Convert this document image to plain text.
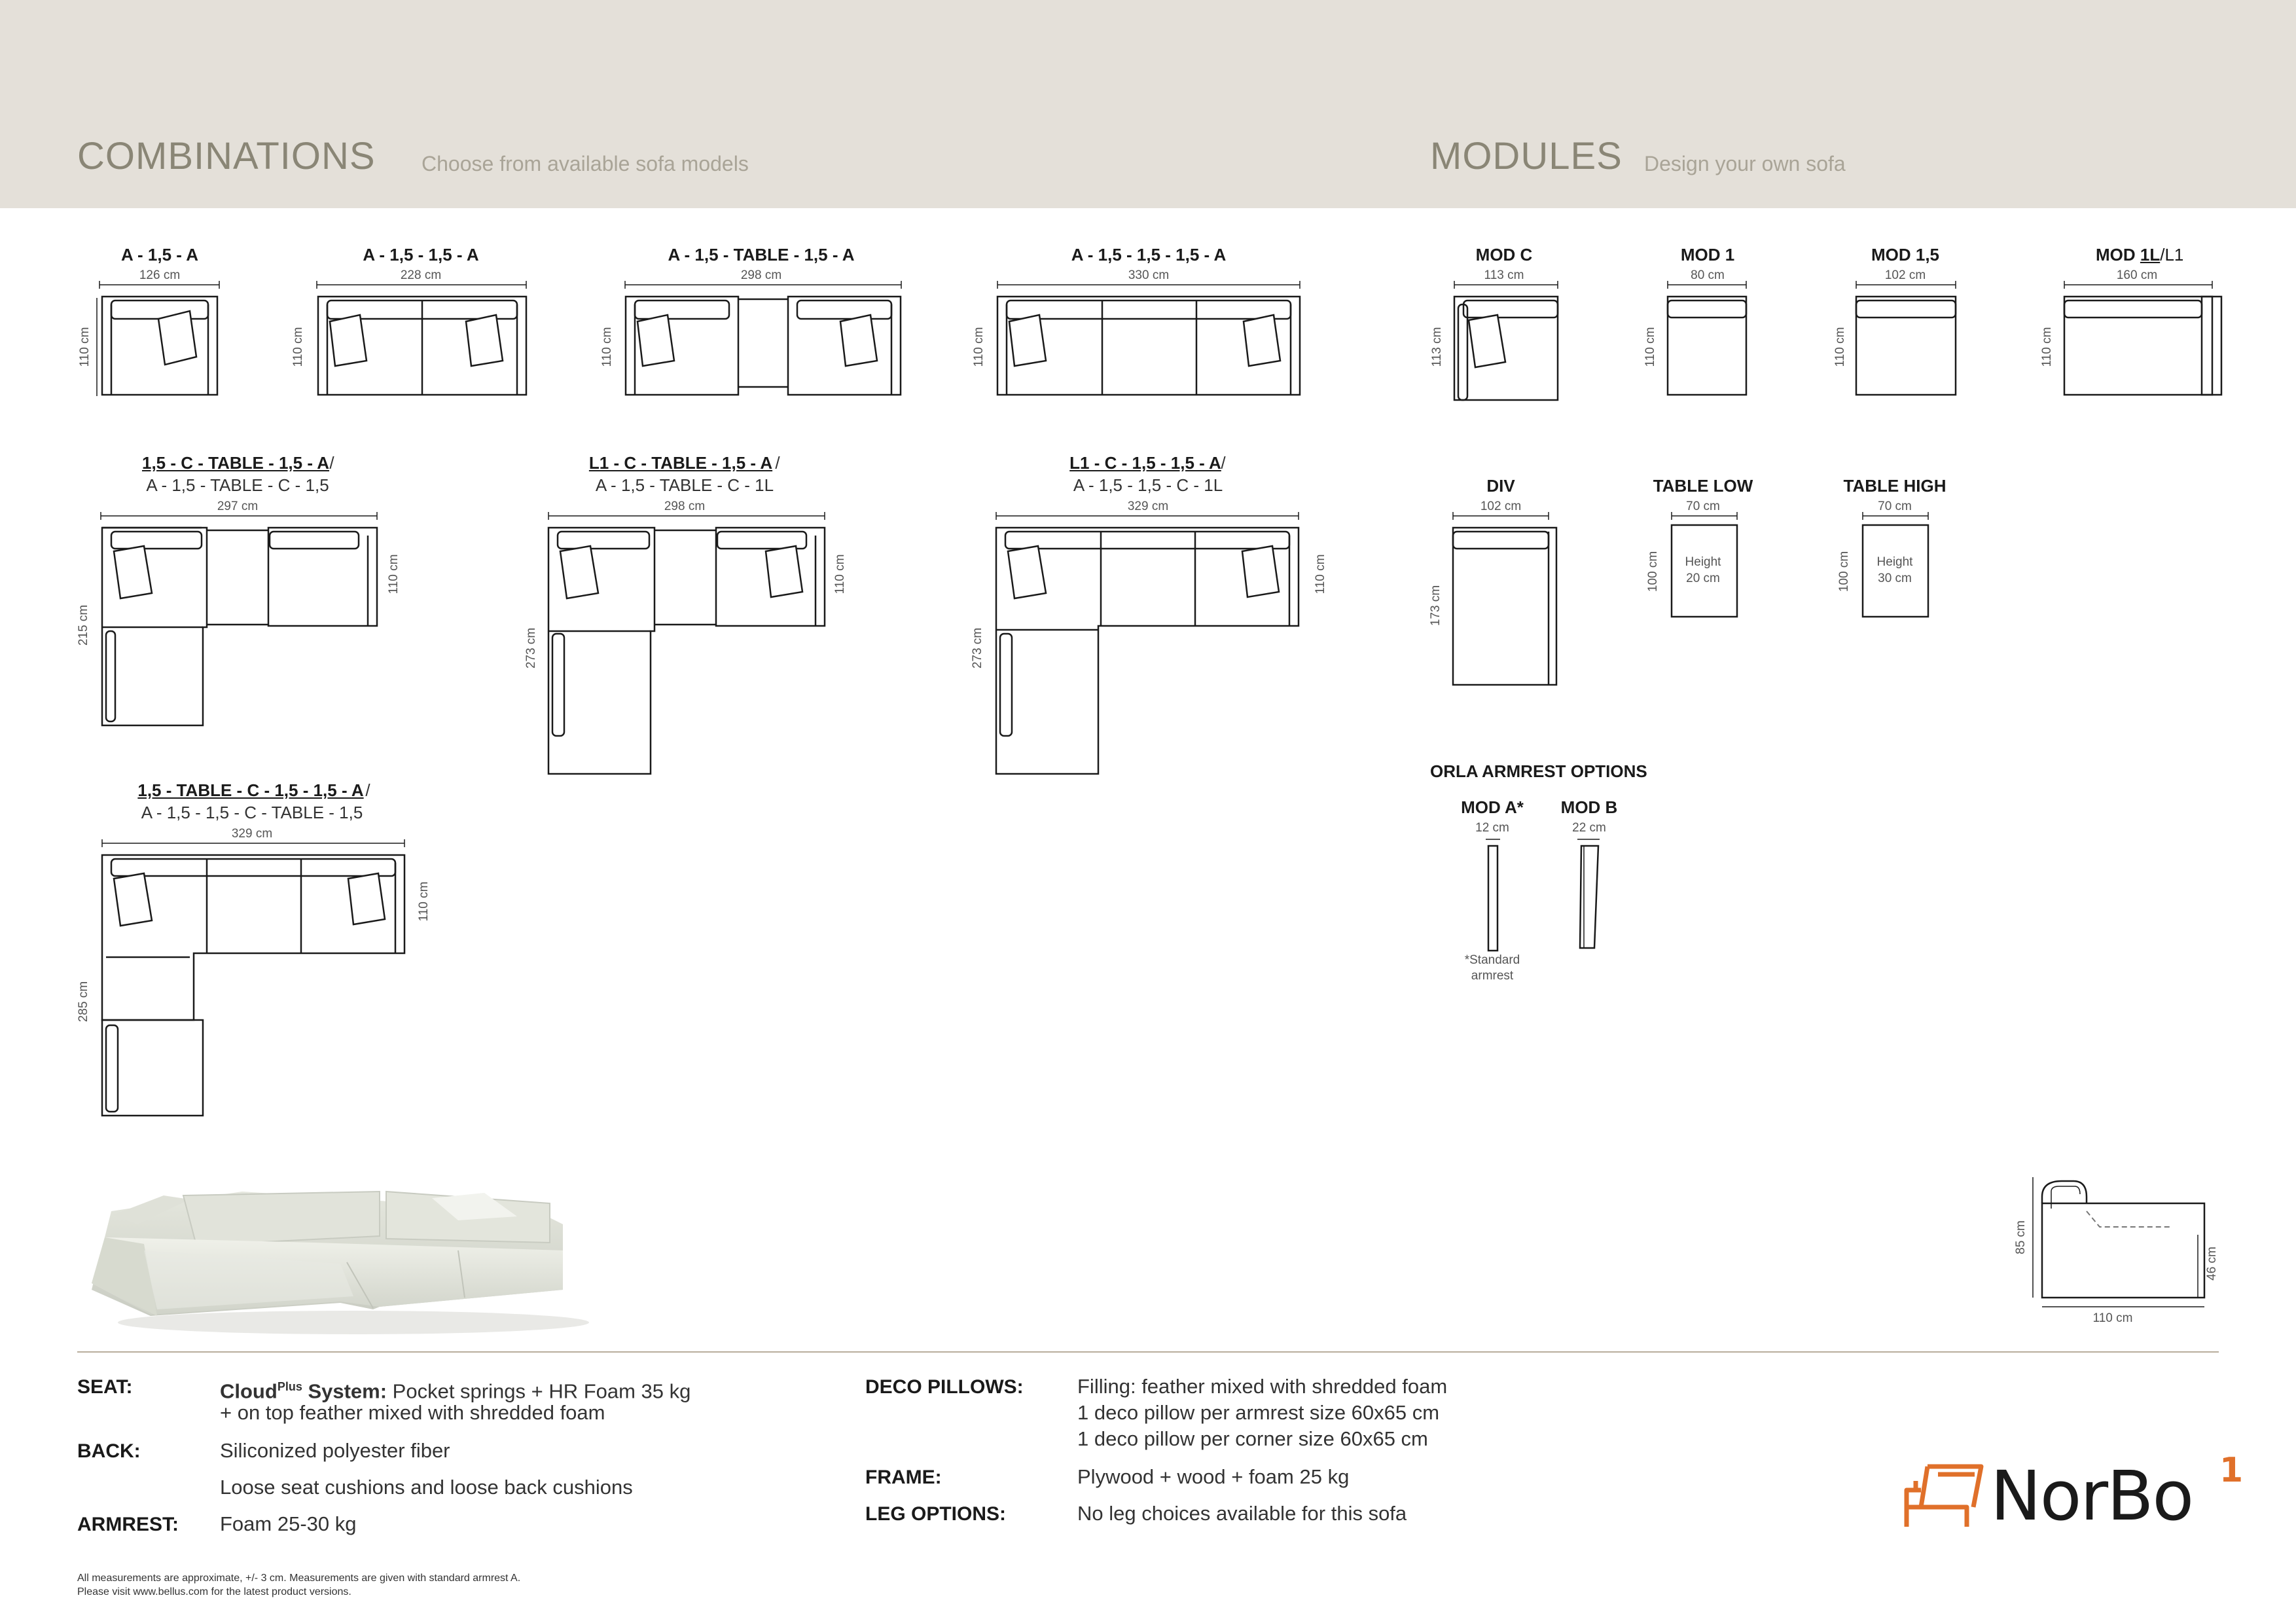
COMBINATIONS Choose from available sofa models	MODULES Design your own sofa
A - 1,5 - A
126 cm
110 cm
A - 1,5 - 1,5 - A
228 cm
110 cm
A - 1,5 - TABLE - 1,5 - A
298 cm
110 cm
A - 1,5 - 1,5 - 1,5 - A
330 cm
110 cm
1,5 - C - TABLE - 1,5 - A /
A - 1,5 - TABLE - C - 1,5
297 cm
110 cm
215 cm
L1 - C - TABLE - 1,5 - A /
A - 1,5 - TABLE - C - 1L
298 cm
110 cm
273 cm
L1 - C - 1,5 - 1,5 - A /
A - 1,5 - 1,5 - C - 1L
329 cm
110 cm
273 cm
1,5 - TABLE - C - 1,5 - 1,5 - A /
A - 1,5 - 1,5 - C - TABLE - 1,5
329 cm
110 cm
285 cm
MOD C
113 cm
113 cm
MOD 1
80 cm
110 cm
MOD 1,5
102 cm
110 cm
MOD 1L/L1
160 cm
110 cm
DIV
102 cm
173 cm
TABLE LOW
70 cm
100 cm Height
20 cm
TABLE HIGH
70 cm
100 cm Height
30 cm
ORLA ARMREST OPTIONS
MOD A*
12 cm
MOD B
22 cm
*Standard
armrest
85 cm
46 cm
110 cm
SEAT:	Cloud$^{Plus}$ System: Pocket springs + HR Foam 35 kg
+ on top feather mixed with shredded foam
BACK:	Siliconized polyester fiber
Loose seat cushions and loose back cushions
ARMREST: Foam 25-30 kg
DECO PILLOWS:	Filling: feather mixed with shredded foam
1 deco pillow per armrest size 60x65 cm
1 deco pillow per corner size 60x65 cm
FRAME:	Plywood + wood + foam 25 kg
LEG OPTIONS:	No leg choices available for this sofa
All measurements are approximate, +/- 3 cm. Measurements are given with standard armrest A.
Please visit www.bellus.com for the latest product versions.
NorBo 1
